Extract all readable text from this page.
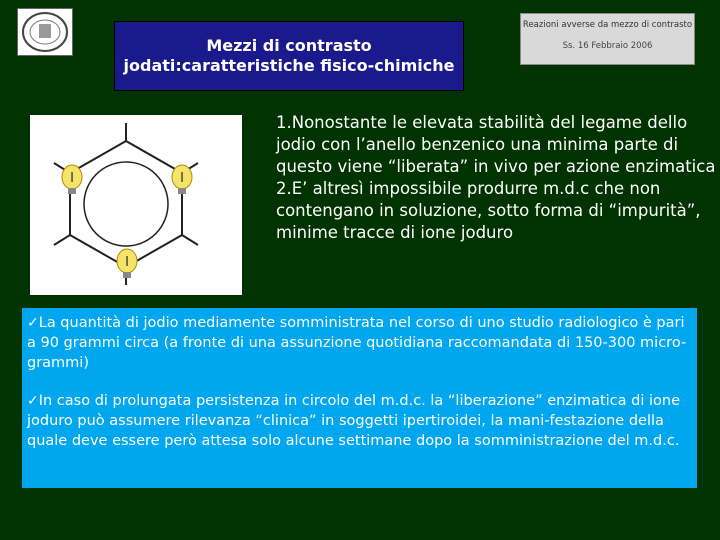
Mezzi di contrasto
jodati:caratteristiche fisico-chimiche
Reazioni avverse da mezzo di contrasto
Ss. 16 Febbraio 2006
I	I
I

1.Nonostante le elevata stabilità del legame dello jodio con l’anello benzenico una minima parte di questo viene “liberata” in vivo per azione enzimatica

2.E’ altresì impossibile produrre m.d.c che non contengano in soluzione, sotto forma di “impurità”, minime tracce di ione joduro

✓La quantità di jodio mediamente somministrata nel corso di uno studio radiologico è pari a 90 grammi circa (a fronte di una assunzione quotidiana raccomandata di 150-300 micro-grammi)

✓In caso di prolungata persistenza in circolo del m.d.c. la “liberazione” enzimatica di ione joduro può assumere rilevanza “clinica” in soggetti ipertiroidei, la mani-festazione della quale deve essere però attesa solo alcune settimane dopo la somministrazione del m.d.c.
